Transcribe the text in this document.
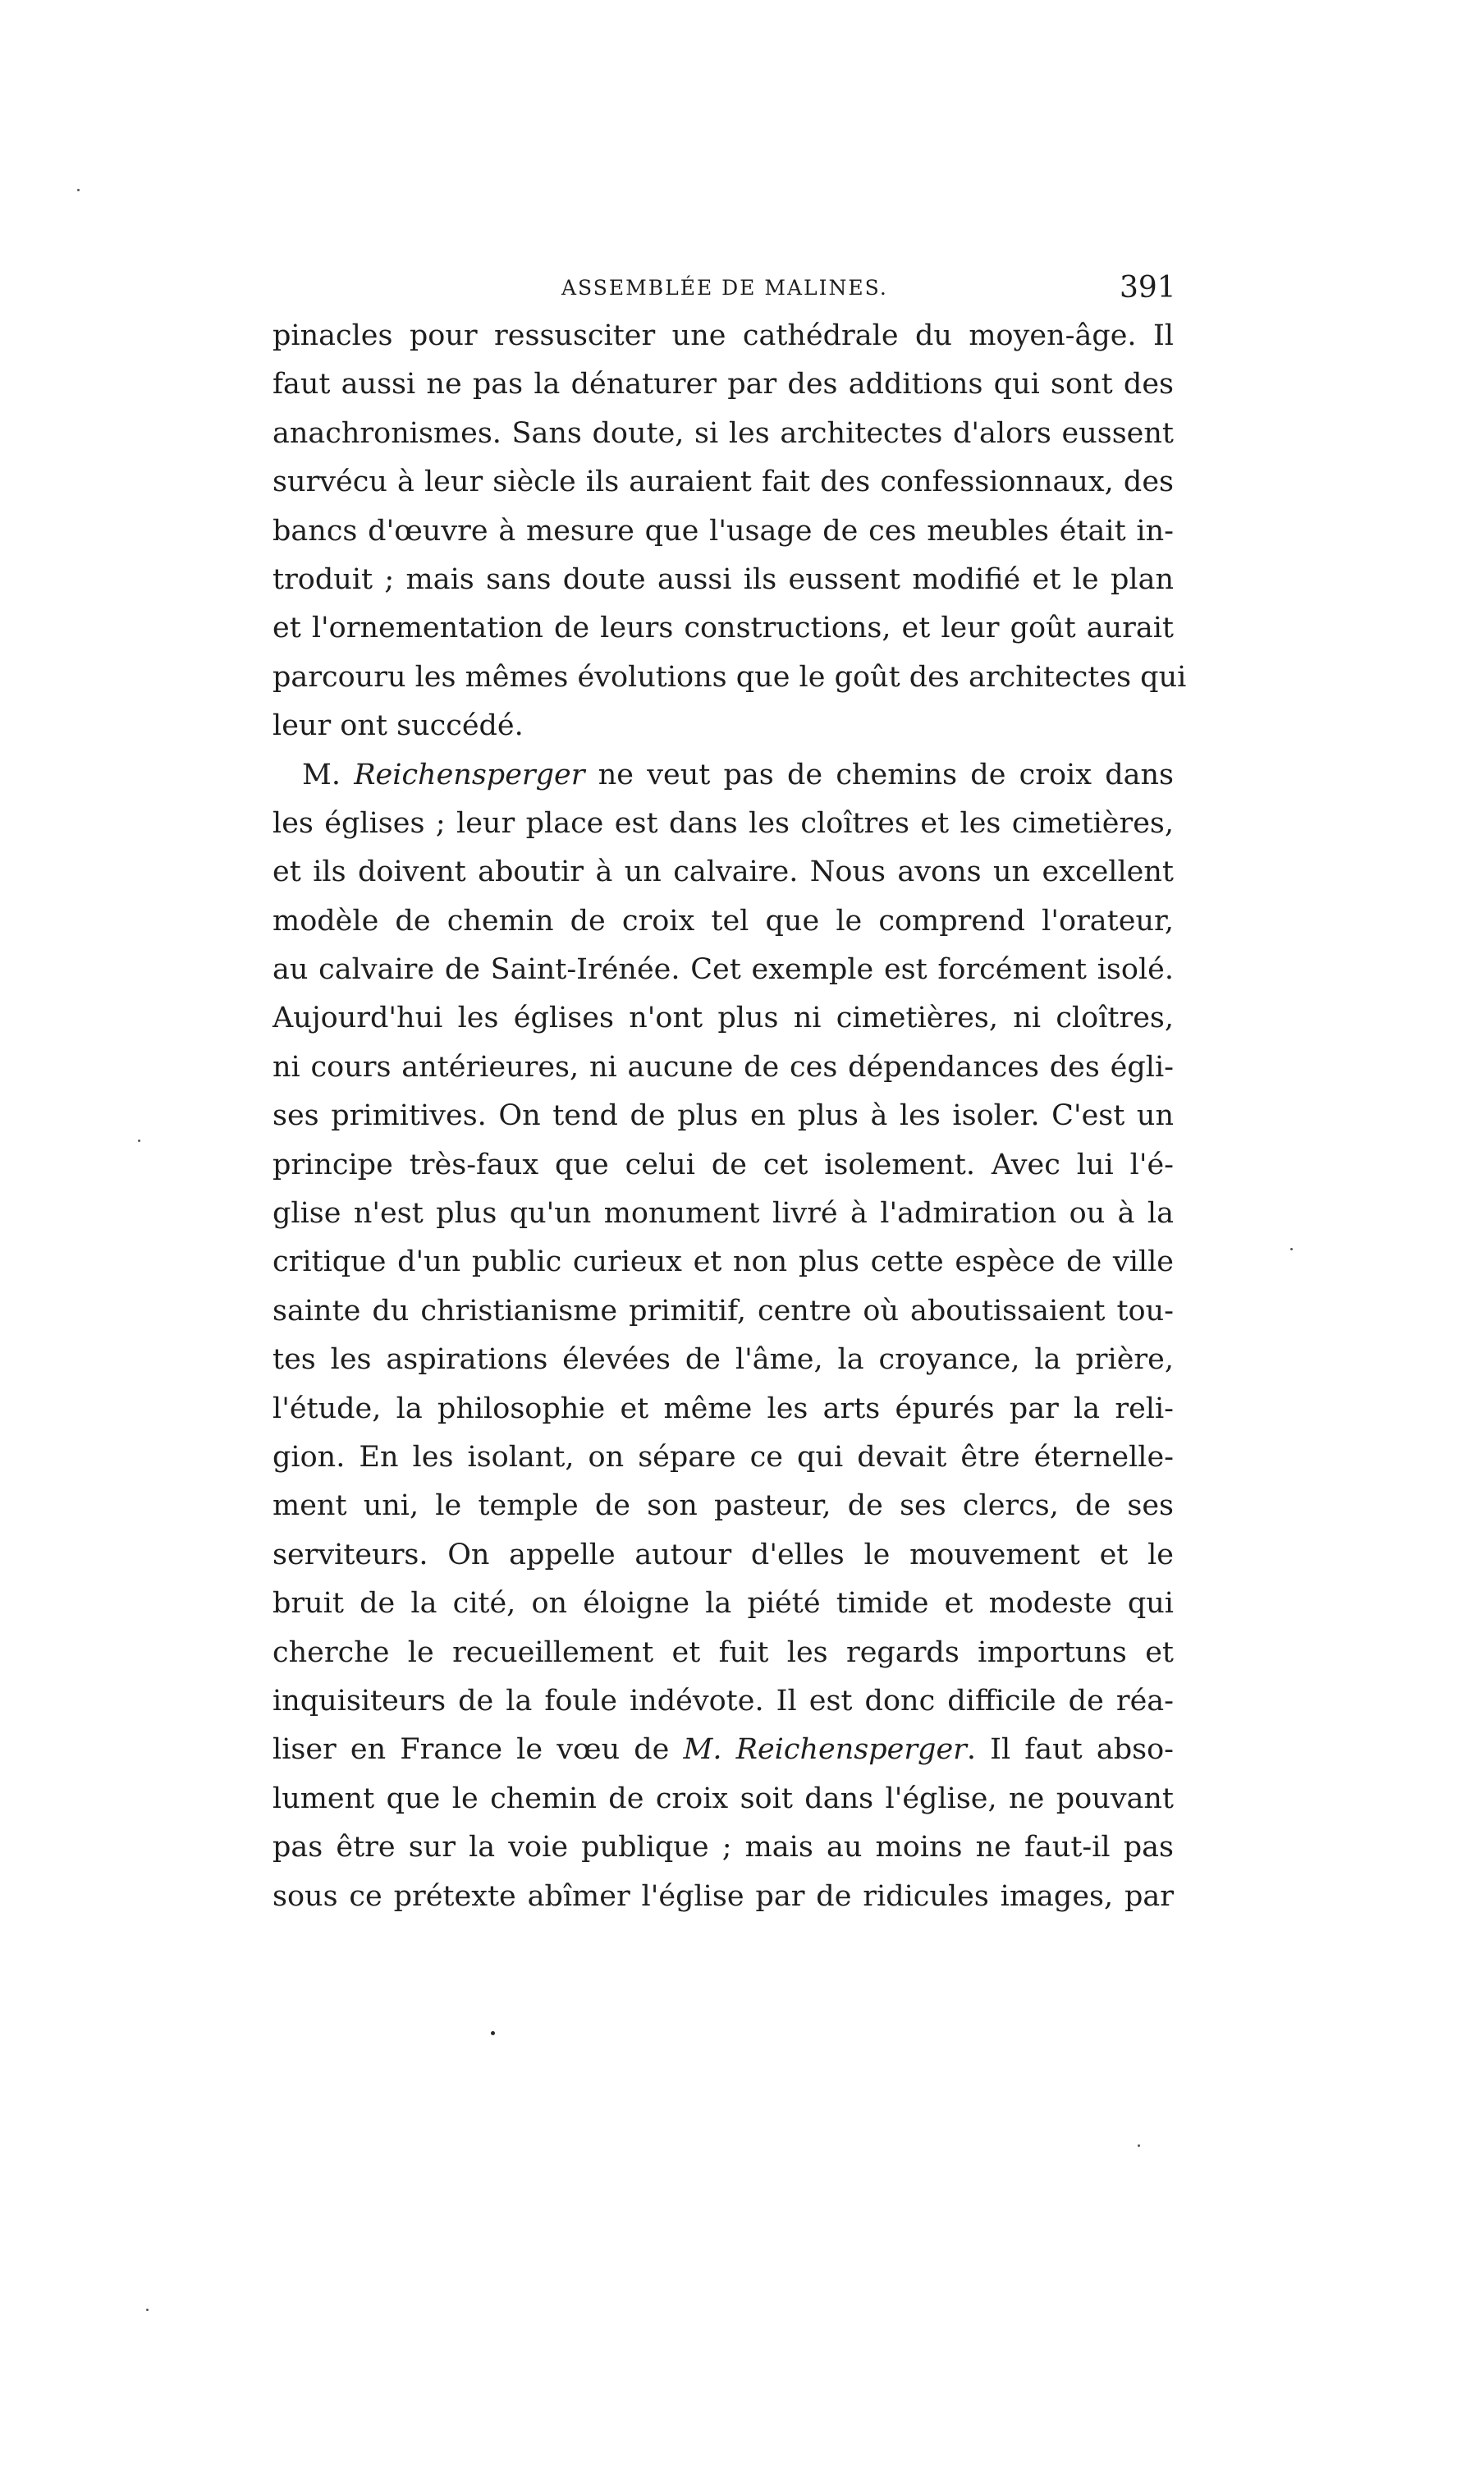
ASSEMBLÉE DE MALINES.	391
pinacles pour ressusciter une cathédrale du moyen-âge. Il
faut aussi ne pas la dénaturer par des additions qui sont des
anachronismes. Sans doute, si les architectes d'alors eussent
survécu à leur siècle ils auraient fait des confessionnaux, des
bancs d'œuvre à mesure que l'usage de ces meubles était in-
troduit ; mais sans doute aussi ils eussent modifié et le plan
et l'ornementation de leurs constructions, et leur goût aurait
parcouru les mêmes évolutions que le goût des architectes qui
leur ont succédé.
M. Reichensperger ne veut pas de chemins de croix dans
les églises ; leur place est dans les cloîtres et les cimetières,
et ils doivent aboutir à un calvaire. Nous avons un excellent
modèle de chemin de croix tel que le comprend l'orateur,
au calvaire de Saint-Irénée. Cet exemple est forcément isolé.
Aujourd'hui les églises n'ont plus ni cimetières, ni cloîtres,
ni cours antérieures, ni aucune de ces dépendances des égli-
ses primitives. On tend de plus en plus à les isoler. C'est un
principe très-faux que celui de cet isolement. Avec lui l'é-
glise n'est plus qu'un monument livré à l'admiration ou à la
critique d'un public curieux et non plus cette espèce de ville
sainte du christianisme primitif, centre où aboutissaient tou-
tes les aspirations élevées de l'âme, la croyance, la prière,
l'étude, la philosophie et même les arts épurés par la reli-
gion. En les isolant, on sépare ce qui devait être éternelle-
ment uni, le temple de son pasteur, de ses clercs, de ses
serviteurs. On appelle autour d'elles le mouvement et le
bruit de la cité, on éloigne la piété timide et modeste qui
cherche le recueillement et fuit les regards importuns et
inquisiteurs de la foule indévote. Il est donc difficile de réa-
liser en France le vœu de M. Reichensperger. Il faut abso-
lument que le chemin de croix soit dans l'église, ne pouvant
pas être sur la voie publique ; mais au moins ne faut-il pas
sous ce prétexte abîmer l'église par de ridicules images, par
